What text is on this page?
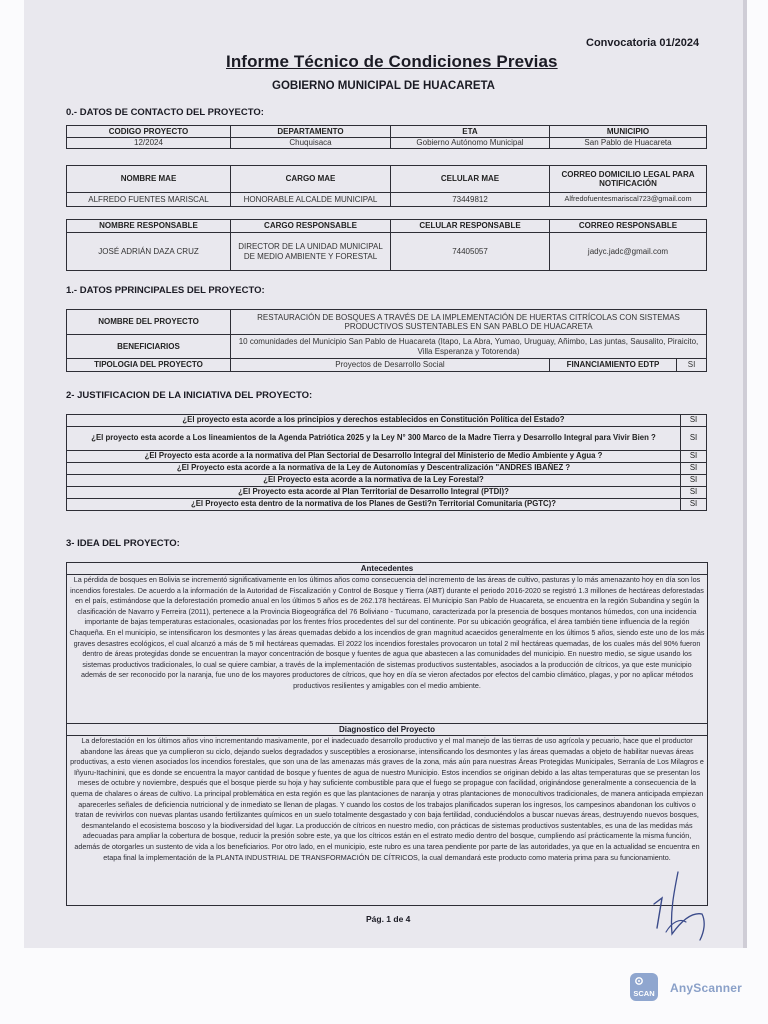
Convocatoria 01/2024
Informe Técnico de Condiciones Previas
GOBIERNO MUNICIPAL DE HUACARETA
0.- DATOS DE CONTACTO DEL PROYECTO:
CODIGO PROYECTO	DEPARTAMENTO	ETA	MUNICIPIO
12/2024	Chuquisaca	Gobierno Autónomo Municipal	San Pablo de Huacareta
NOMBRE MAE	CARGO MAE	CELULAR MAE	CORREO DOMICILIO LEGAL PARA NOTIFICACIÓN
ALFREDO FUENTES MARISCAL	HONORABLE ALCALDE MUNICIPAL	73449812	Alfredofuentesmariscal723@gmail.com
NOMBRE RESPONSABLE	CARGO RESPONSABLE	CELULAR RESPONSABLE	CORREO RESPONSABLE
JOSÉ ADRIÁN DAZA CRUZ	DIRECTOR DE LA UNIDAD MUNICIPAL DE MEDIO AMBIENTE Y FORESTAL	74405057	jadyc.jadc@gmail.com
1.- DATOS PPRINCIPALES DEL PROYECTO:
NOMBRE DEL PROYECTO	RESTAURACIÓN DE BOSQUES A TRAVÉS DE LA IMPLEMENTACIÓN DE HUERTAS CITRÍCOLAS CON SISTEMAS PRODUCTIVOS SUSTENTABLES EN SAN PABLO DE HUACARETA		
BENEFICIARIOS	10 comunidades del Municipio San Pablo de Huacareta (Itapo, La Abra, Yumao, Uruguay, Añimbo, Las juntas, Sausalito, Piraicito, Villa Esperanza y Totorenda)		
TIPOLOGIA DEL PROYECTO	Proyectos de Desarrollo Social	FINANCIAMIENTO EDTP	SI
2- JUSTIFICACION DE LA INICIATIVA DEL PROYECTO:
¿El proyecto esta acorde a los principios y derechos establecidos en Constitución Política del Estado?	SI
¿El proyecto esta acorde a Los lineamientos de la Agenda Patriótica 2025 y la Ley N° 300 Marco de la Madre Tierra y Desarrollo Integral para Vivir Bien ?	SI
¿El Proyecto esta acorde a la normativa del Plan Sectorial de Desarrollo Integral del Ministerio de Medio Ambiente y Agua ?	SI
¿El Proyecto esta acorde a la normativa de la Ley de Autonomías y Descentralización "ANDRES IBAÑEZ ?	SI
¿El Proyecto esta acorde a la normativa de la Ley Forestal?	SI
¿El Proyecto esta acorde al Plan Territorial de Desarrollo Integral (PTDI)?	SI
¿El Proyecto esta dentro de la normativa de los Planes de Gesti?n Territorial Comunitaria (PGTC)?	SI
3- IDEA DEL PROYECTO:
Antecedentes
La pérdida de bosques en Bolivia se incrementó significativamente en los últimos años como consecuencia del incremento de las áreas de cultivo, pasturas y lo más amenazanto hoy en día son los incendios forestales. De acuerdo a la información de la Autoridad de Fiscalización y Control de Bosque y Tierra (ABT) durante el periodo 2016-2020 se registró 1.3 millones de hectáreas deforestadas en el país, estimándose que la deforestación promedio anual en los últimos 5 años es de 262.178 hectáreas. El Municipio San Pablo de Huacareta, se encuentra en la región Subandina y según la clasificación de Navarro y Ferreira (2011), pertenece a la Provincia Biogeográfica del 76 Boliviano - Tucumano, caracterizada por la presencia de bosques montanos húmedos, con una incidencia importante de bajas temperaturas estacionales, ocasionadas por los frentes fríos procedentes del sur del continente. Por su ubicación geográfica, el área también tiene influencia de la región Chaqueña. En el municipio, se intensificaron los desmontes y las áreas quemadas debido a los incendios de gran magnitud acaecidos generalmente en los últimos 5 años, siendo este uno de los más graves desastres ecológicos, el cual alcanzó a más de 5 mil hectáreas quemadas. El 2022 los incendios forestales provocaron un total 2 mil hectáreas quemadas, de los cuales más del 90% fueron dentro de áreas protegidas donde se encuentran la mayor concentración de bosque y fuentes de agua que abastecen a las comunidades del municipio. En nuestro medio, se sigue usando los sistemas productivos tradicionales, lo cual se quiere cambiar, a través de la implementación de sistemas productivos sustentables, asociados a la producción de cítricos, ya que este municipio además de ser reconocido por la naranja, fue uno de los mayores productores de cítricos, que hoy en día se vieron afectados por efectos del cambio climático, plagas, y por no aplicar métodos productivos resilientes y amigables con el medio ambiente.
Diagnostico del Proyecto
La deforestación en los últimos años vino incrementando masivamente, por el inadecuado desarrollo productivo y el mal manejo de las tierras de uso agrícola y pecuario, hace que el productor abandone las áreas que ya cumplieron su ciclo, dejando suelos degradados y susceptibles a erosionarse, intensificando los desmontes y las áreas quemadas a objeto de habilitar nuevas áreas productivas, a esto vienen asociados los incendios forestales, que son una de las amenazas más graves de la zona, más aún para nuestras Áreas Protegidas Municipales, Serranía de Los Milagros e Iñyuru-Itachinini, que es donde se encuentra la mayor cantidad de bosque y fuentes de agua de nuestro Municipio. Estos incendios se originan debido a las altas temperaturas que se presentan los meses de octubre y noviembre, después que el bosque pierde su hoja y hay suficiente combustible para que el fuego se propague con facilidad, originándose generalmente a consecuencia de la quema de chalares o áreas de cultivo. La principal problemática en esta región es que las plantaciones de naranja y otras plantaciones de monocultivos tradicionales, de manera anticipada empiezan aparecerles señales de deficiencia nutricional y de inmediato se llenan de plagas. Y cuando los costos de los trabajos planificados superan los ingresos, los campesinos abandonan los cultivos o tratan de revivirlos con nuevas plantas usando fertilizantes químicos en un suelo totalmente desgastado y con baja fertilidad, conduciéndolos a buscar nuevas áreas, destruyendo nuevos bosques, desmantelando el ecosistema boscoso y la biodiversidad del lugar. La producción de cítricos en nuestro medio, con prácticas de sistemas productivos sustentables, es una de las medidas más adecuadas para ampliar la cobertura de bosque, reducir la presión sobre este, ya que los cítricos están en el estrato medio dentro del bosque, cumpliendo así prácticamente la misma función, además de otorgarles un sustento de vida a los beneficiarios. Por otro lado, en el municipio, este rubro es una tarea pendiente por parte de las autoridades, ya que en la actualidad se encuentra en etapa final la implementación de la PLANTA INDUSTRIAL DE TRANSFORMACIÓN DE CÍTRICOS, la cual demandará este producto como materia prima para su funcionamiento.
Pág. 1 de 4
SCAN AnyScanner
